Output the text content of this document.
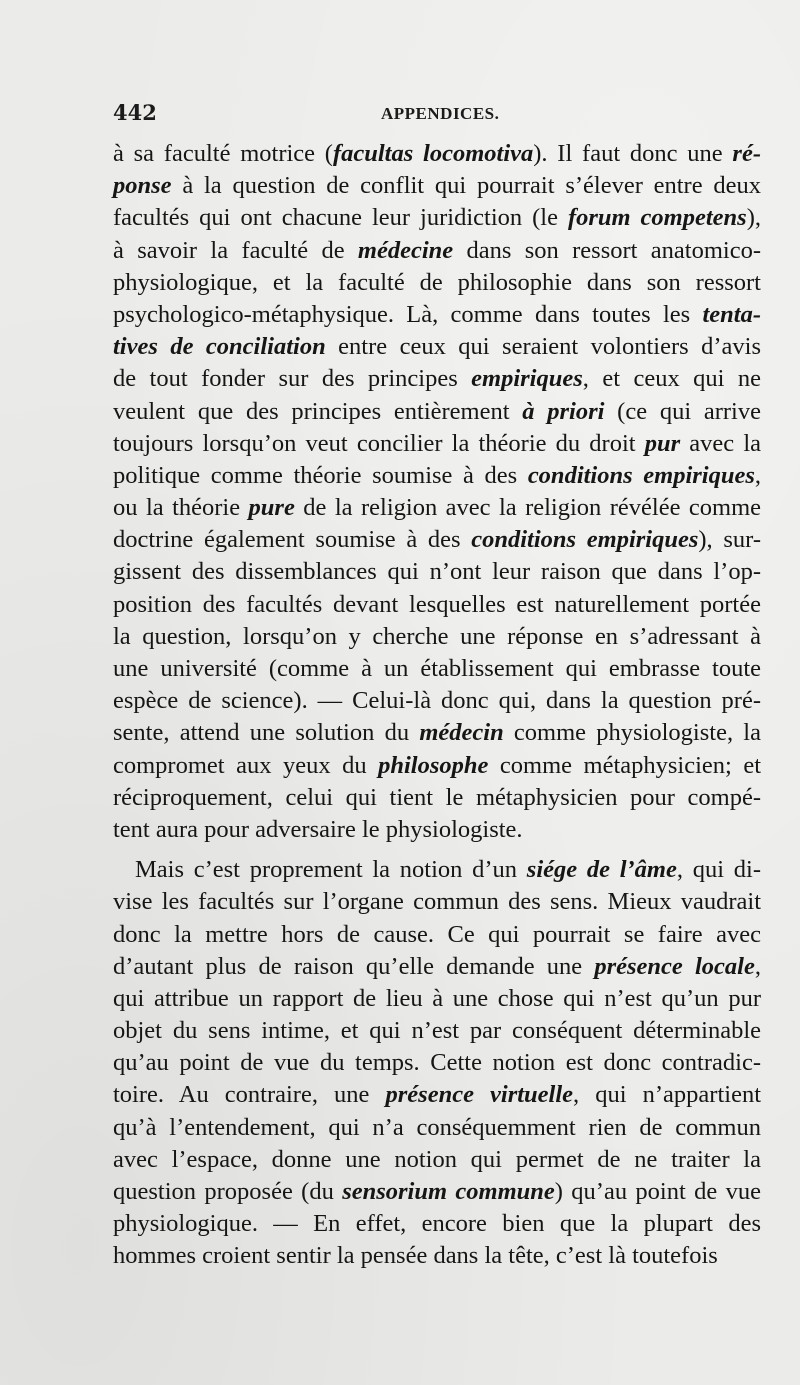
442	APPENDICES.
à sa faculté motrice (facultas locomotiva). Il faut donc une ré-
ponse à la question de conflit qui pourrait s’élever entre deux
facultés qui ont chacune leur juridiction (le forum competens),
à savoir la faculté de médecine dans son ressort anatomico-
physiologique, et la faculté de philosophie dans son ressort
psychologico-métaphysique. Là, comme dans toutes les tenta-
tives de conciliation entre ceux qui seraient volontiers d’avis
de tout fonder sur des principes empiriques, et ceux qui ne
veulent que des principes entièrement à priori (ce qui arrive
toujours lorsqu’on veut concilier la théorie du droit pur avec la
politique comme théorie soumise à des conditions empiriques,
ou la théorie pure de la religion avec la religion révélée comme
doctrine également soumise à des conditions empiriques), sur-
gissent des dissemblances qui n’ont leur raison que dans l’op-
position des facultés devant lesquelles est naturellement portée
la question, lorsqu’on y cherche une réponse en s’adressant à
une université (comme à un établissement qui embrasse toute
espèce de science). — Celui-là donc qui, dans la question pré-
sente, attend une solution du médecin comme physiologiste, la
compromet aux yeux du philosophe comme métaphysicien; et
réciproquement, celui qui tient le métaphysicien pour compé-
tent aura pour adversaire le physiologiste.
Mais c’est proprement la notion d’un siége de l’âme, qui di-
vise les facultés sur l’organe commun des sens. Mieux vaudrait
donc la mettre hors de cause. Ce qui pourrait se faire avec
d’autant plus de raison qu’elle demande une présence locale,
qui attribue un rapport de lieu à une chose qui n’est qu’un pur
objet du sens intime, et qui n’est par conséquent déterminable
qu’au point de vue du temps. Cette notion est donc contradic-
toire. Au contraire, une présence virtuelle, qui n’appartient
qu’à l’entendement, qui n’a conséquemment rien de commun
avec l’espace, donne une notion qui permet de ne traiter la
question proposée (du sensorium commune) qu’au point de vue
physiologique. — En effet, encore bien que la plupart des
hommes croient sentir la pensée dans la tête, c’est là toutefois
